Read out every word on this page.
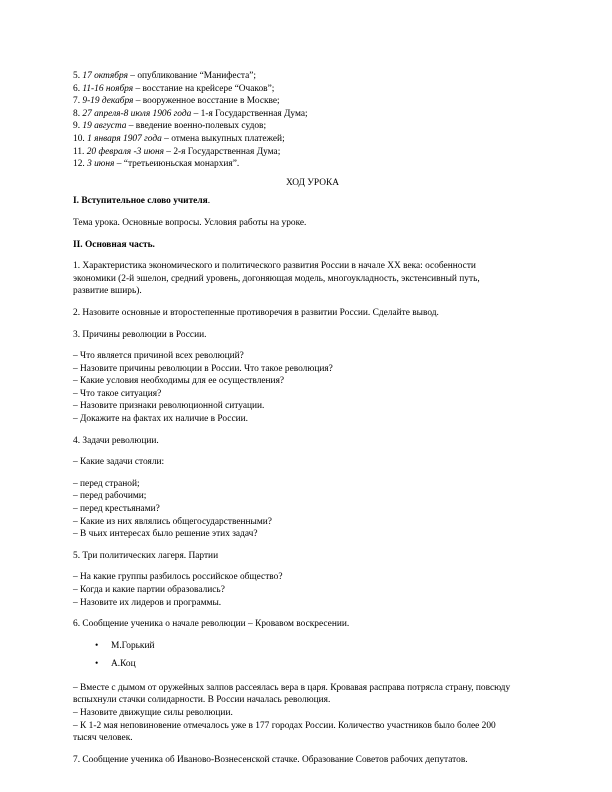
5. 17 октября – опубликование “Манифеста”;
6. 11-16 ноября – восстание на крейсере “Очаков”;
7. 9-19 декабря – вооруженное восстание в Москве;
8. 27 апреля-8 июля 1906 года – 1-я Государственная Дума;
9. 19 августа – введение военно-полевых судов;
10. 1 января 1907 года – отмена выкупных платежей;
11. 20 февраля -3 июня – 2-я Государственная Дума;
12. 3 июня – “третьеиюньская монархия”.
ХОД УРОКА
I. Вступительное слово учителя.
Тема урока. Основные вопросы. Условия работы на уроке.
II. Основная часть.
1. Характеристика экономического и политического развития России в начале XX века: особенности
экономики (2-й эшелон, средний уровень, догоняющая модель, многоукладность, экстенсивный путь,
развитие вширь).
2. Назовите основные и второстепенные противоречия в развитии России. Сделайте вывод.
3. Причины революции в России.
– Что является причиной всех революций?
– Назовите причины революции в России. Что такое революция?
– Какие условия необходимы для ее осуществления?
– Что такое ситуация?
– Назовите признаки революционной ситуации.
– Докажите на фактах их наличие в России.
4. Задачи революции.
– Какие задачи стояли:
– перед страной;
– перед рабочими;
– перед крестьянами?
– Какие из них являлись общегосударственными?
– В чьих интересах было решение этих задач?
5. Три политических лагеря. Партии
– На какие группы разбилось российское общество?
– Когда и какие партии образовались?
– Назовите их лидеров и программы.
6. Сообщение ученика о начале революции – Кровавом воскресении.
• М.Горький
• А.Коц
– Вместе с дымом от оружейных залпов рассеялась вера в царя. Кровавая расправа потрясла страну, повсюду
вспыхнули стачки солидарности. В России началась революция.
– Назовите движущие силы революции.
– К 1-2 мая неповиновение отмечалось уже в 177 городах России. Количество участников было более 200
тысяч человек.
7. Сообщение ученика об Иваново-Вознесенской стачке. Образование Советов рабочих депутатов.
